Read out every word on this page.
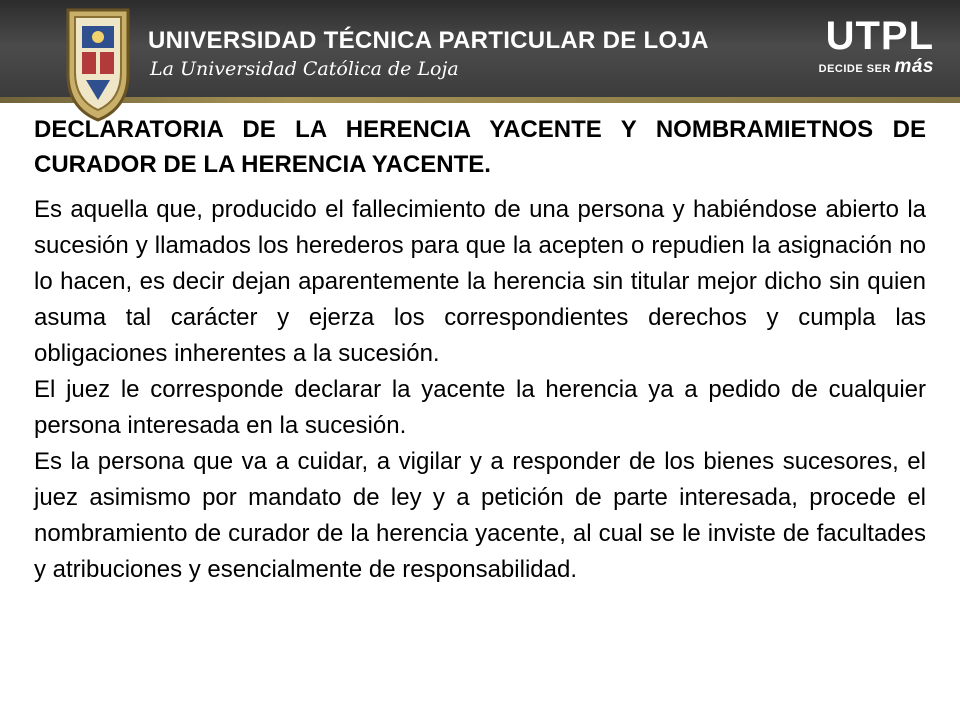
UNIVERSIDAD TÉCNICA PARTICULAR DE LOJA
La Universidad Católica de Loja
UTPL
DECIDE SER más
DECLARATORIA DE LA HERENCIA YACENTE Y NOMBRAMIETNOS DE CURADOR DE LA HERENCIA YACENTE.

Es aquella que, producido el fallecimiento de una persona y habiéndose abierto la sucesión y llamados los herederos para que la acepten o repudien la asignación no lo hacen, es decir dejan aparentemente la herencia sin titular mejor dicho sin quien asuma tal carácter y ejerza los correspondientes derechos y cumpla las obligaciones inherentes a la sucesión.

El juez le corresponde declarar la yacente la herencia ya a pedido de cualquier persona interesada en la sucesión.

Es la persona que va a cuidar, a vigilar y a responder de los bienes sucesores, el juez asimismo por mandato de ley y a petición de parte interesada, procede el nombramiento de curador de la herencia yacente, al cual se le inviste de facultades y atribuciones y esencialmente de responsabilidad.
